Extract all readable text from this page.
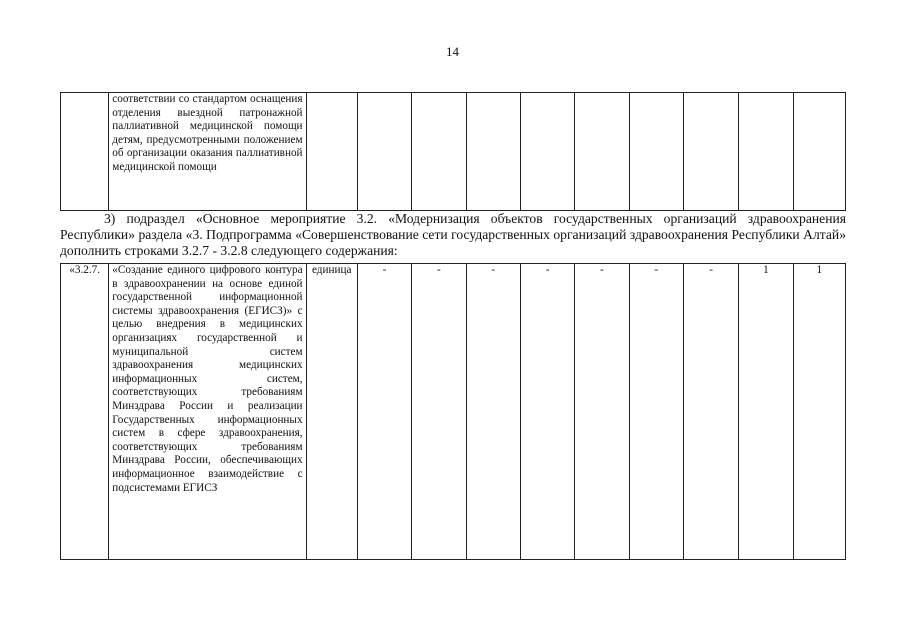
14
	соответствии со стандартом оснащения отделения выездной патронажной паллиативной медицинской помощи детям, предусмотренными положением об организации оказания паллиативной медицинской помощи										
3) подраздел «Основное мероприятие 3.2. «Модернизация объектов государственных организаций здравоохранения Республики» раздела «3. Подпрограмма «Совершенствование сети государственных организаций здравоохранения Республики Алтай» дополнить строками 3.2.7 - 3.2.8 следующего содержания:
«3.2.7.	«Создание единого цифрового контура в здравоохранении на основе единой государственной информационной системы здравоохранения (ЕГИСЗ)» с целью внедрения в медицинских организациях государственной и муниципальной систем здравоохранения медицинских информационных систем, соответствующих требованиям Минздрава России и реализации Государственных информационных систем в сфере здравоохранения, соответствующих требованиям Минздрава России, обеспечивающих информационное взаимодействие с подсистемами ЕГИСЗ	единица	-	-	-	-	-	-	-	1	1
